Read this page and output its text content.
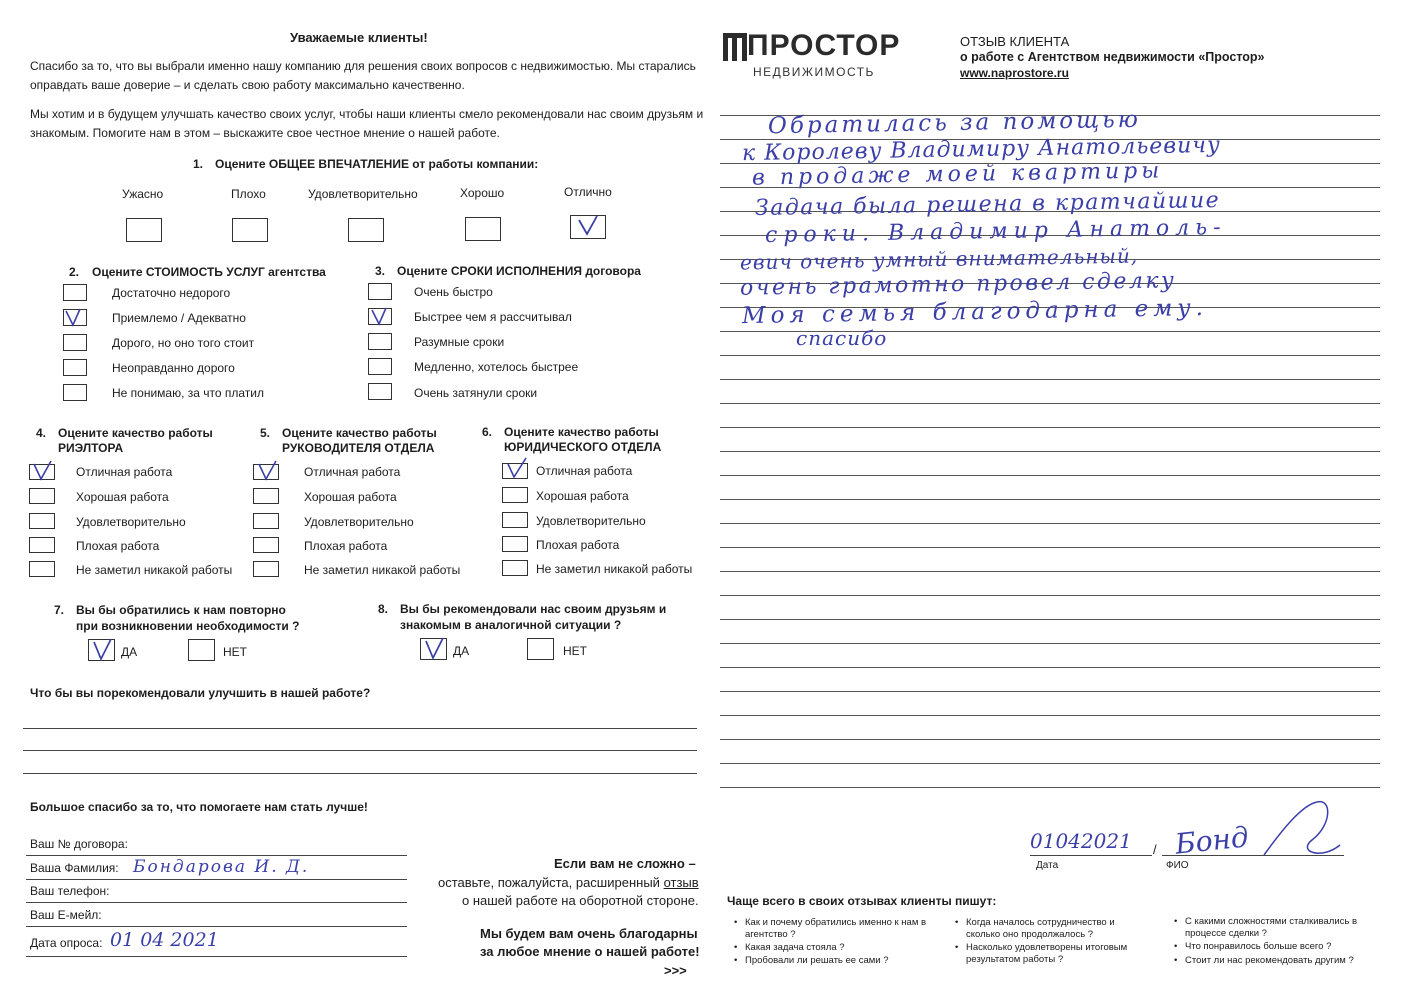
Уважаемые клиенты!
Спасибо за то, что вы выбрали именно нашу компанию для решения своих вопросов с недвижимостью. Мы старались
оправдать ваше доверие – и сделать свою работу максимально качественно.
Мы хотим и в будущем улучшать качество своих услуг, чтобы наши клиенты смело рекомендовали нас своим друзьям и
знакомым. Помогите нам в этом – выскажите свое честное мнение о нашей работе.
1. Оцените ОБЩЕЕ ВПЕЧАТЛЕНИЕ от работы компании:
Ужасно	Плохо	Удовлетворительно	Хорошо	Отлично
2. Оцените СТОИМОСТЬ УСЛУГ агентства
Достаточно недорого
Приемлемо / Адекватно
Дорого, но оно того стоит
Неоправданно дорого
Не понимаю, за что платил
3. Оцените СРОКИ ИСПОЛНЕНИЯ договора
Очень быстро
Быстрее чем я рассчитывал
Разумные сроки
Медленно, хотелось быстрее
Очень затянули сроки
4. Оцените качество работы
РИЭЛТОРА
Отличная работа
Хорошая работа
Удовлетворительно
Плохая работа
Не заметил никакой работы
5. Оцените качество работы
РУКОВОДИТЕЛЯ ОТДЕЛА
Отличная работа
Хорошая работа
Удовлетворительно
Плохая работа
Не заметил никакой работы
6. Оцените качество работы
ЮРИДИЧЕСКОГО ОТДЕЛА
Отличная работа
Хорошая работа
Удовлетворительно
Плохая работа
Не заметил никакой работы
7. Вы бы обратились к нам повторно
при возникновении необходимости ?
ДА	НЕТ
8. Вы бы рекомендовали нас своим друзьям и
знакомым в аналогичной ситуации ?
ДА	НЕТ
Что бы вы порекомендовали улучшить в нашей работе?
Большое спасибо за то, что помогаете нам стать лучше!
Ваш № договора:
Ваша Фамилия: Бондарова И. Д.
Ваш телефон:
Ваш Е-мейл:
Дата опроса: 01 04 2021
Если вам не сложно –
оставьте, пожалуйста, расширенный отзыв
о нашей работе на оборотной стороне.
Мы будем вам очень благодарны
за любое мнение о нашей работе!
>>>
ПРОСТОР
НЕДВИЖИМОСТЬ
ОТЗЫВ КЛИЕНТА
о работе с Агентством недвижимости «Простор»
www.naprostore.ru
Обратилась за помощью
к Королеву Владимиру Анатольевичу
в продаже моей квартиры
Задача была решена в кратчайшие
сроки. Владимир Анатоль-
евич очень умный внимательный,
очень грамотно провел сделку
Моя семья благодарна ему.
спасибо
01042021
Дата
/ Бонд
ФИО
Чаще всего в своих отзывах клиенты пишут:
• Как и почему обратились именно к нам в агентство ?
• Какая задача стояла ?
• Пробовали ли решать ее сами ?
• Когда началось сотрудничество и сколько оно продолжалось ?
• Насколько удовлетворены итоговым результатом работы ?
• С какими сложностями сталкивались в процессе сделки ?
• Что понравилось больше всего ?
• Стоит ли нас рекомендовать другим ?
